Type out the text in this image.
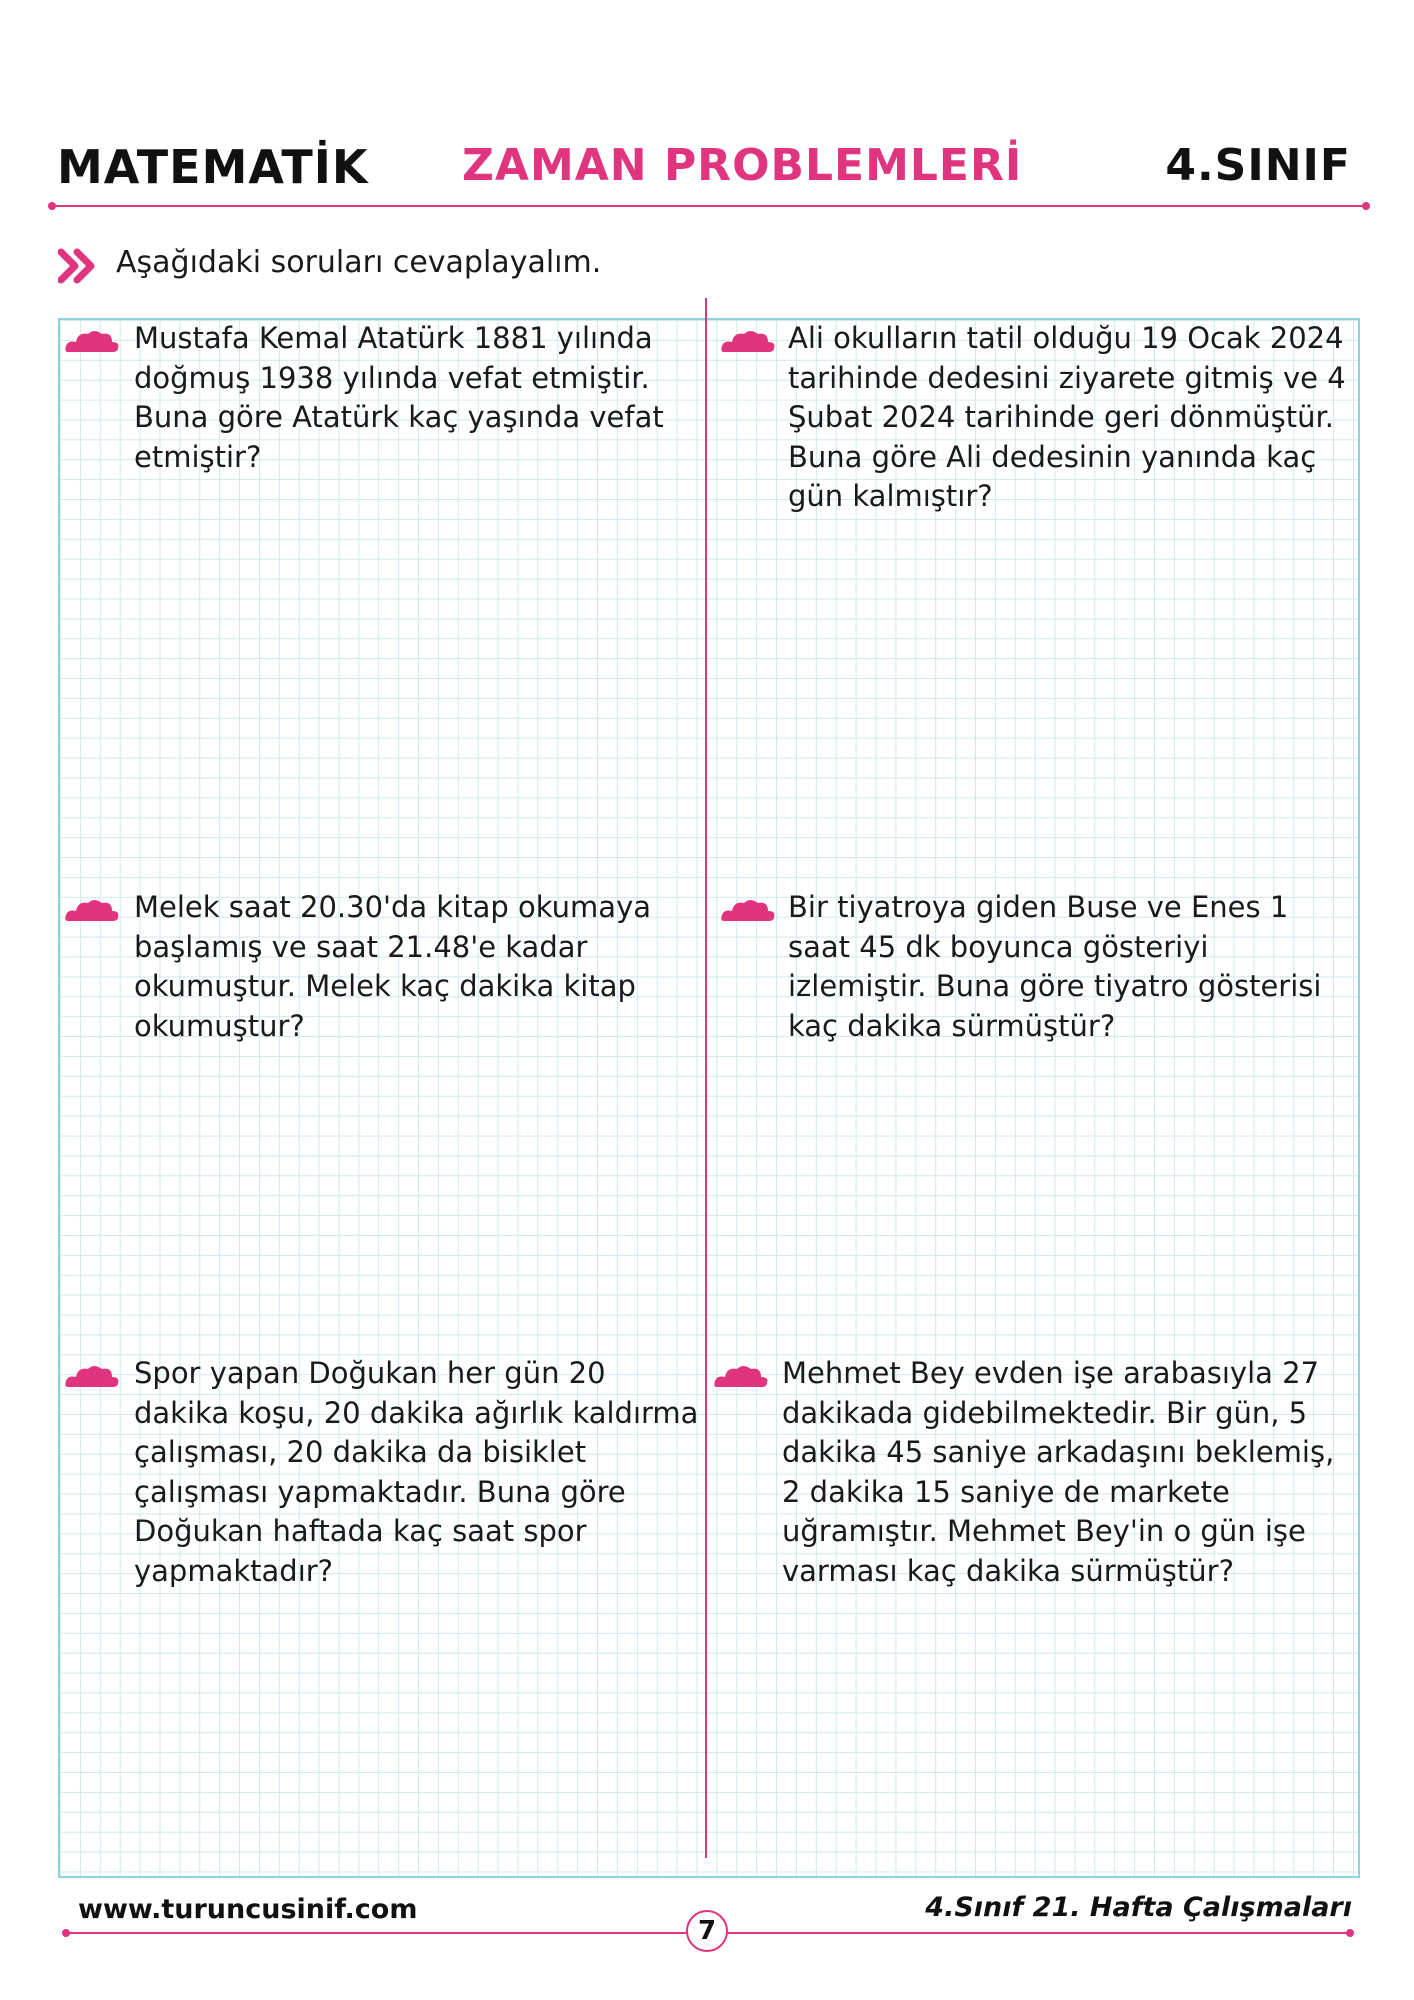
MATEMATİK ZAMAN PROBLEMLERİ	4.SINIF
Aşağıdaki soruları cevaplayalım.
Mustafa Kemal Atatürk 1881 yılında doğmuş 1938 yılında vefat etmiştir. Buna göre Atatürk kaç yaşında vefat etmiştir?
Ali okulların tatil olduğu 19 Ocak 2024 tarihinde dedesini ziyarete gitmiş ve 4 Şubat 2024 tarihinde geri dönmüştür. Buna göre Ali dedesinin yanında kaç gün kalmıştır?
Melek saat 20.30'da kitap okumaya başlamış ve saat 21.48'e kadar okumuştur. Melek kaç dakika kitap okumuştur?
Bir tiyatroya giden Buse ve Enes 1 saat 45 dk boyunca gösteriyi izlemiştir. Buna göre tiyatro gösterisi kaç dakika sürmüştür?
Spor yapan Doğukan her gün 20 dakika koşu, 20 dakika ağırlık kaldırma çalışması, 20 dakika da bisiklet çalışması yapmaktadır. Buna göre Doğukan haftada kaç saat spor yapmaktadır?
Mehmet Bey evden işe arabasıyla 27 dakikada gidebilmektedir. Bir gün, 5 dakika 45 saniye arkadaşını beklemiş, 2 dakika 15 saniye de markete uğramıştır. Mehmet Bey'in o gün işe varması kaç dakika sürmüştür?
www.turuncusinif.com	4.Sınıf 21. Hafta Çalışmaları
7
